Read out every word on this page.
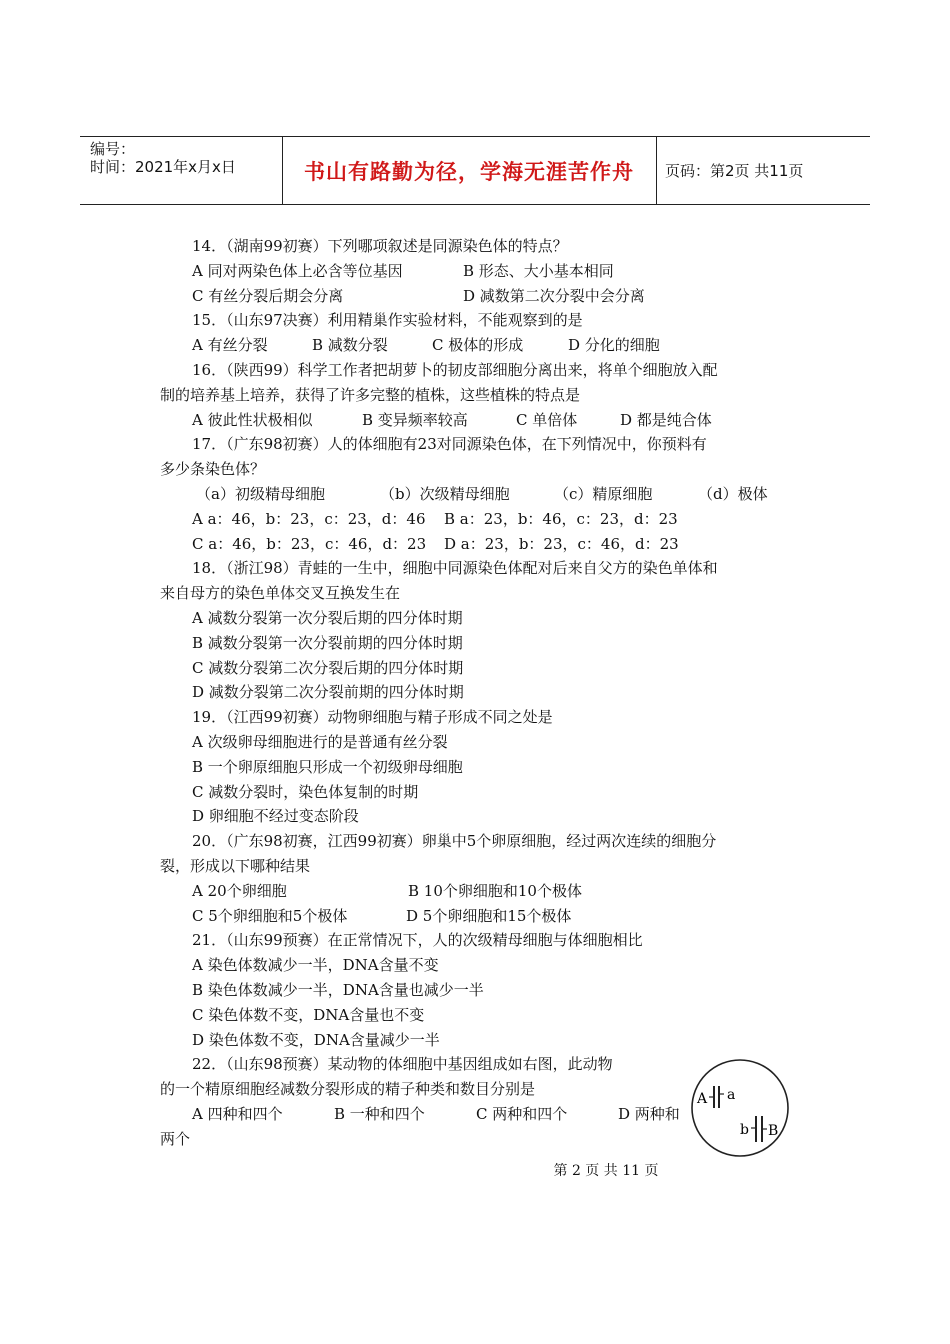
编号：
时间：2021年x月x日	书山有路勤为径，学海无涯苦作舟 页码：第2页 共11页
14．（湖南99初赛）下列哪项叙述是同源染色体的特点？
A 同对两染色体上必含等位基因	B 形态、大小基本相同
C 有丝分裂后期会分离	D 减数第二次分裂中会分离
15．（山东97决赛）利用精巢作实验材料，不能观察到的是
A 有丝分裂	B 减数分裂	C 极体的形成	D 分化的细胞
16．（陕西99）科学工作者把胡萝卜的韧皮部细胞分离出来，将单个细胞放入配
制的培养基上培养，获得了许多完整的植株，这些植株的特点是
A 彼此性状极相似	B 变异频率较高	C 单倍体	D 都是纯合体
17．（广东98初赛）人的体细胞有23对同源染色体，在下列情况中，你预料有
多少条染色体？
（a）初级精母细胞	（b）次级精母细胞	（c）精原细胞	（d）极体
A a：46，b：23，c：23，d：46 B a：23，b：46，c：23，d：23
C a：46，b：23，c：46，d：23 D a：23，b：23，c：46，d：23
18．（浙江98）青蛙的一生中，细胞中同源染色体配对后来自父方的染色单体和
来自母方的染色单体交叉互换发生在
A 减数分裂第一次分裂后期的四分体时期
B 减数分裂第一次分裂前期的四分体时期
C 减数分裂第二次分裂后期的四分体时期
D 减数分裂第二次分裂前期的四分体时期
19．（江西99初赛）动物卵细胞与精子形成不同之处是
A 次级卵母细胞进行的是普通有丝分裂
B 一个卵原细胞只形成一个初级卵母细胞
C 减数分裂时，染色体复制的时期
D 卵细胞不经过变态阶段
20．（广东98初赛，江西99初赛）卵巢中5个卵原细胞，经过两次连续的细胞分
裂，形成以下哪种结果
A 20个卵细胞	B 10个卵细胞和10个极体
C 5个卵细胞和5个极体	D 5个卵细胞和15个极体
21．（山东99预赛）在正常情况下，人的次级精母细胞与体细胞相比
A 染色体数减少一半，DNA含量不变
B 染色体数减少一半，DNA含量也减少一半
C 染色体数不变，DNA含量也不变
D 染色体数不变，DNA含量减少一半
22．（山东98预赛）某动物的体细胞中基因组成如右图，此动物
的一个精原细胞经减数分裂形成的精子种类和数目分别是
A 四种和四个	B 一种和四个	C 两种和四个	D 两种和
两个
A a
b B
第 2 页 共 11 页
